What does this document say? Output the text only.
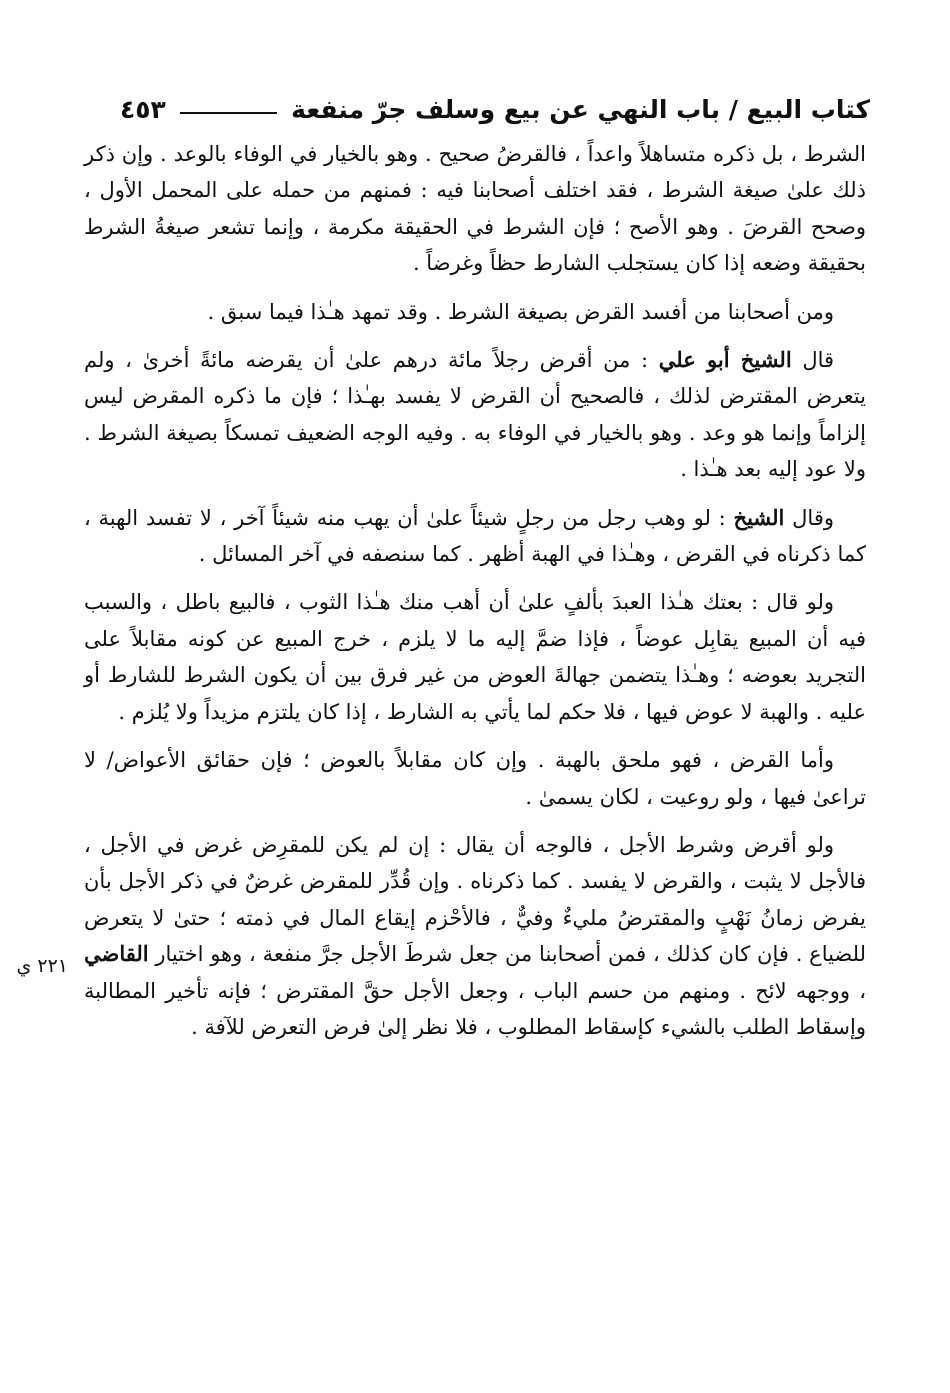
كتاب البيع / باب النهي عن بيع وسلف جرّ منفعة
٤٥٣
٢٢١ ي

الشرط ، بل ذكره متساهلاً واعداً ، فالقرضُ صحيح . وهو بالخيار في الوفاء بالوعد . وإن ذكر ذلك علىٰ صيغة الشرط ، فقد اختلف أصحابنا فيه : فمنهم من حمله على المحمل الأول ، وصحح القرضَ . وهو الأصح ؛ فإن الشرط في الحقيقة مكرمة ، وإنما تشعر صيغةُ الشرط بحقيقة وضعه إذا كان يستجلب الشارط حظاً وغرضاً .

ومن أصحابنا من أفسد القرض بصيغة الشرط . وقد تمهد هـٰذا فيما سبق .

قال الشيخ أبو علي : من أقرض رجلاً مائة درهم علىٰ أن يقرضه مائةً أخرىٰ ، ولم يتعرض المقترض لذلك ، فالصحيح أن القرض لا يفسد بهـٰذا ؛ فإن ما ذكره المقرض ليس إلزاماً وإنما هو وعد . وهو بالخيار في الوفاء به . وفيه الوجه الضعيف تمسكاً بصيغة الشرط . ولا عود إليه بعد هـٰذا .

وقال الشيخ : لو وهب رجل من رجلٍ شيئاً علىٰ أن يهب منه شيئاً آخر ، لا تفسد الهبة ، كما ذكرناه في القرض ، وهـٰذا في الهبة أظهر . كما سنصفه في آخر المسائل .

ولو قال : بعتك هـٰذا العبدَ بألفٍ علىٰ أن أهب منك هـٰذا الثوب ، فالبيع باطل ، والسبب فيه أن المبيع يقابِل عوضاً ، فإذا ضمَّ إليه ما لا يلزم ، خرج المبيع عن كونه مقابلاً على التجريد بعوضه ؛ وهـٰذا يتضمن جهالةَ العوض من غير فرق بين أن يكون الشرط للشارط أو عليه . والهبة لا عوض فيها ، فلا حكم لما يأتي به الشارط ، إذا كان يلتزم مزيداً ولا يُلزم .

وأما القرض ، فهو ملحق بالهبة . وإن كان مقابلاً بالعوض ؛ فإن حقائق الأعواض/ لا تراعىٰ فيها ، ولو روعيت ، لكان يسمىٰ .

ولو أقرض وشرط الأجل ، فالوجه أن يقال : إن لم يكن للمقرِض غرض في الأجل ، فالأجل لا يثبت ، والقرض لا يفسد . كما ذكرناه . وإن قُدِّر للمقرض غرضٌ في ذكر الأجل بأن يفرض زمانُ نَهْبٍ والمقترضُ مليءٌ وفيٌّ ، فالأحْزم إيقاع المال في ذمته ؛ حتىٰ لا يتعرض للضياع . فإن كان كذلك ، فمن أصحابنا من جعل شرطَ الأجل جرَّ منفعة ، وهو اختيار القاضي ، ووجهه لائح . ومنهم من حسم الباب ، وجعل الأجل حقَّ المقترض ؛ فإنه تأخير المطالبة وإسقاط الطلب بالشيء كإسقاط المطلوب ، فلا نظر إلىٰ فرض التعرض للآفة .
